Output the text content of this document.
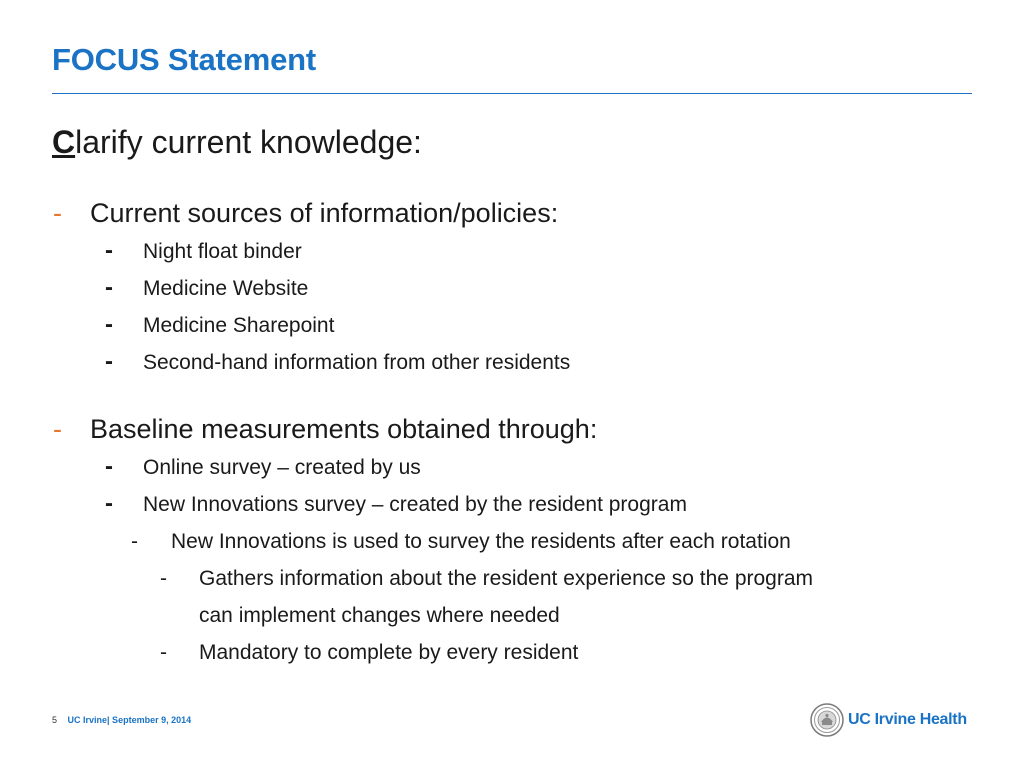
FOCUS Statement
Clarify current knowledge:
- Current sources of information/policies:
- Night float binder
- Medicine Website
- Medicine Sharepoint
- Second-hand information from other residents
- Baseline measurements obtained through:
- Online survey – created by us
- New Innovations survey – created by the resident program
- New Innovations is used to survey the residents after each rotation
- Gathers information about the resident experience so the program
can implement changes where needed
- Mandatory to complete by every resident
5 UC Irvine| September 9, 2014	UC Irvine Health
